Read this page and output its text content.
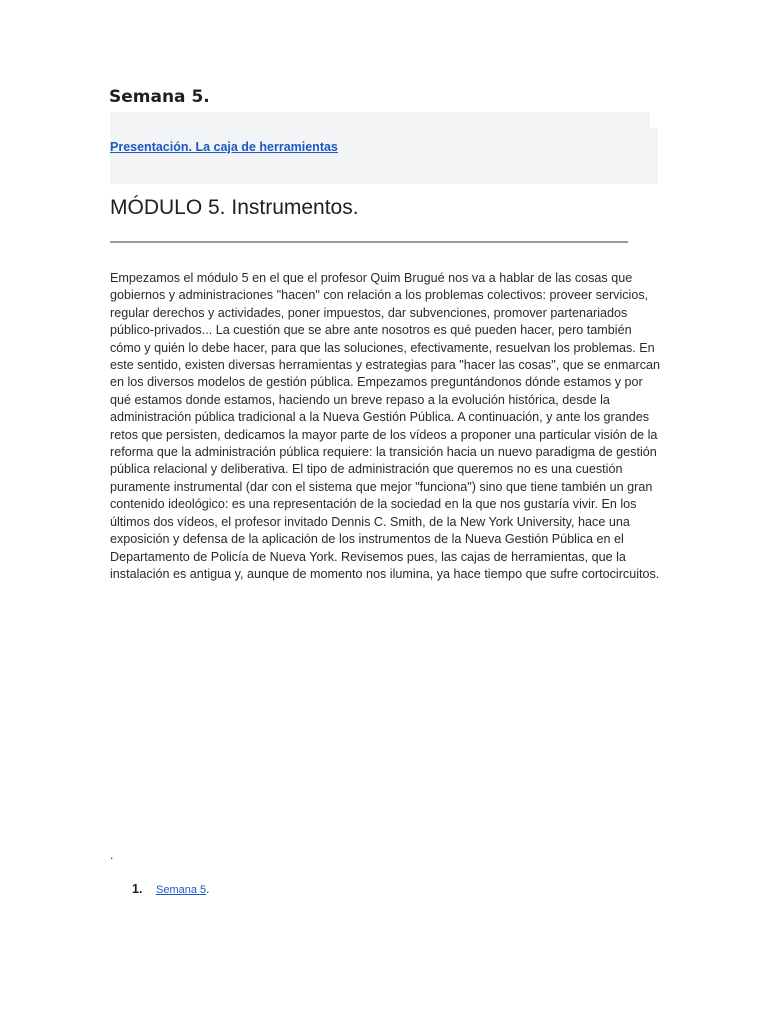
Semana 5.
Presentación. La caja de herramientas
MÓDULO 5. Instrumentos.

Empezamos el módulo 5 en el que el profesor Quim Brugué nos va a hablar de las cosas que gobiernos y administraciones "hacen" con relación a los problemas colectivos: proveer servicios, regular derechos y actividades, poner impuestos, dar subvenciones, promover partenariados público-privados... La cuestión que se abre ante nosotros es qué pueden hacer, pero también cómo y quién lo debe hacer, para que las soluciones, efectivamente, resuelvan los problemas. En este sentido, existen diversas herramientas y estrategias para "hacer las cosas", que se enmarcan en los diversos modelos de gestión pública. Empezamos preguntándonos dónde estamos y por qué estamos donde estamos, haciendo un breve repaso a la evolución histórica, desde la administración pública tradicional a la Nueva Gestión Pública. A continuación, y ante los grandes retos que persisten, dedicamos la mayor parte de los vídeos a proponer una particular visión de la reforma que la administración pública requiere: la transición hacia un nuevo paradigma de gestión pública relacional y deliberativa. El tipo de administración que queremos no es una cuestión puramente instrumental (dar con el sistema que mejor "funciona") sino que tiene también un gran contenido ideológico: es una representación de la sociedad en la que nos gustaría vivir. En los últimos dos vídeos, el profesor invitado Dennis C. Smith, de la New York University, hace una exposición y defensa de la aplicación de los instrumentos de la Nueva Gestión Pública en el Departamento de Policía de Nueva York. Revisemos pues, las cajas de herramientas, que la instalación es antigua y, aunque de momento nos ilumina, ya hace tiempo que sufre cortocircuitos.

.
1.	Semana 5 .
